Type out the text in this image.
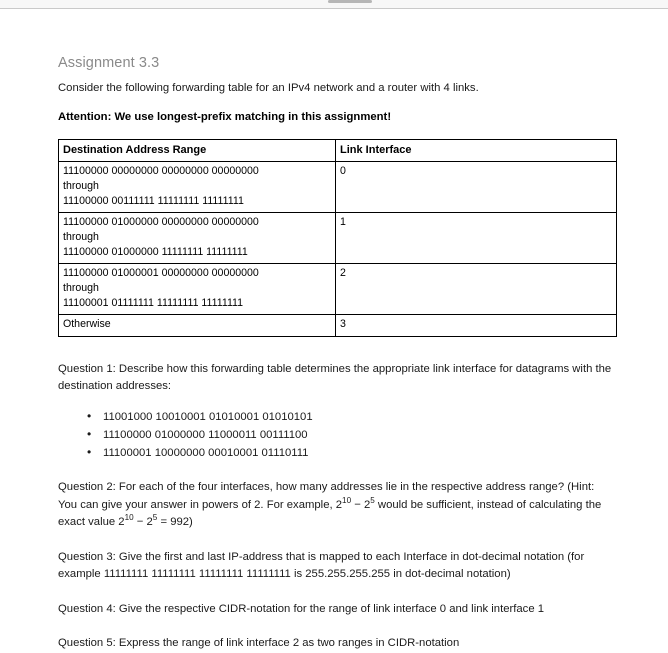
Assignment 3.3
Consider the following forwarding table for an IPv4 network and a router with 4 links.
Attention: We use longest-prefix matching in this assignment!
Destination Address Range	Link Interface

11100000 00000000 00000000 00000000
through
11100000 00111111 11111111 11111111	0

11100000 01000000 00000000 00000000
through
11100000 01000000 11111111 11111111	1

11100000 01000001 00000000 00000000
through
11100001 01111111 11111111 11111111	2
Otherwise	3
Question 1: Describe how this forwarding table determines the appropriate link interface for datagrams with the destination addresses:
• 11001000 10010001 01010001 01010101
• 11100000 01000000 11000011 00111100
• 11100001 10000000 00010001 01110111
Question 2: For each of the four interfaces, how many addresses lie in the respective address range? (Hint: You can give your answer in powers of 2. For example, $2^{10} - 2^5$ would be sufficient, instead of calculating the exact value $2^{10} - 2^5 = 992$)
Question 3: Give the first and last IP-address that is mapped to each Interface in dot-decimal notation (for example 11111111 11111111 11111111 11111111 is 255.255.255.255 in dot-decimal notation)
Question 4: Give the respective CIDR-notation for the range of link interface 0 and link interface 1
Question 5: Express the range of link interface 2 as two ranges in CIDR-notation
